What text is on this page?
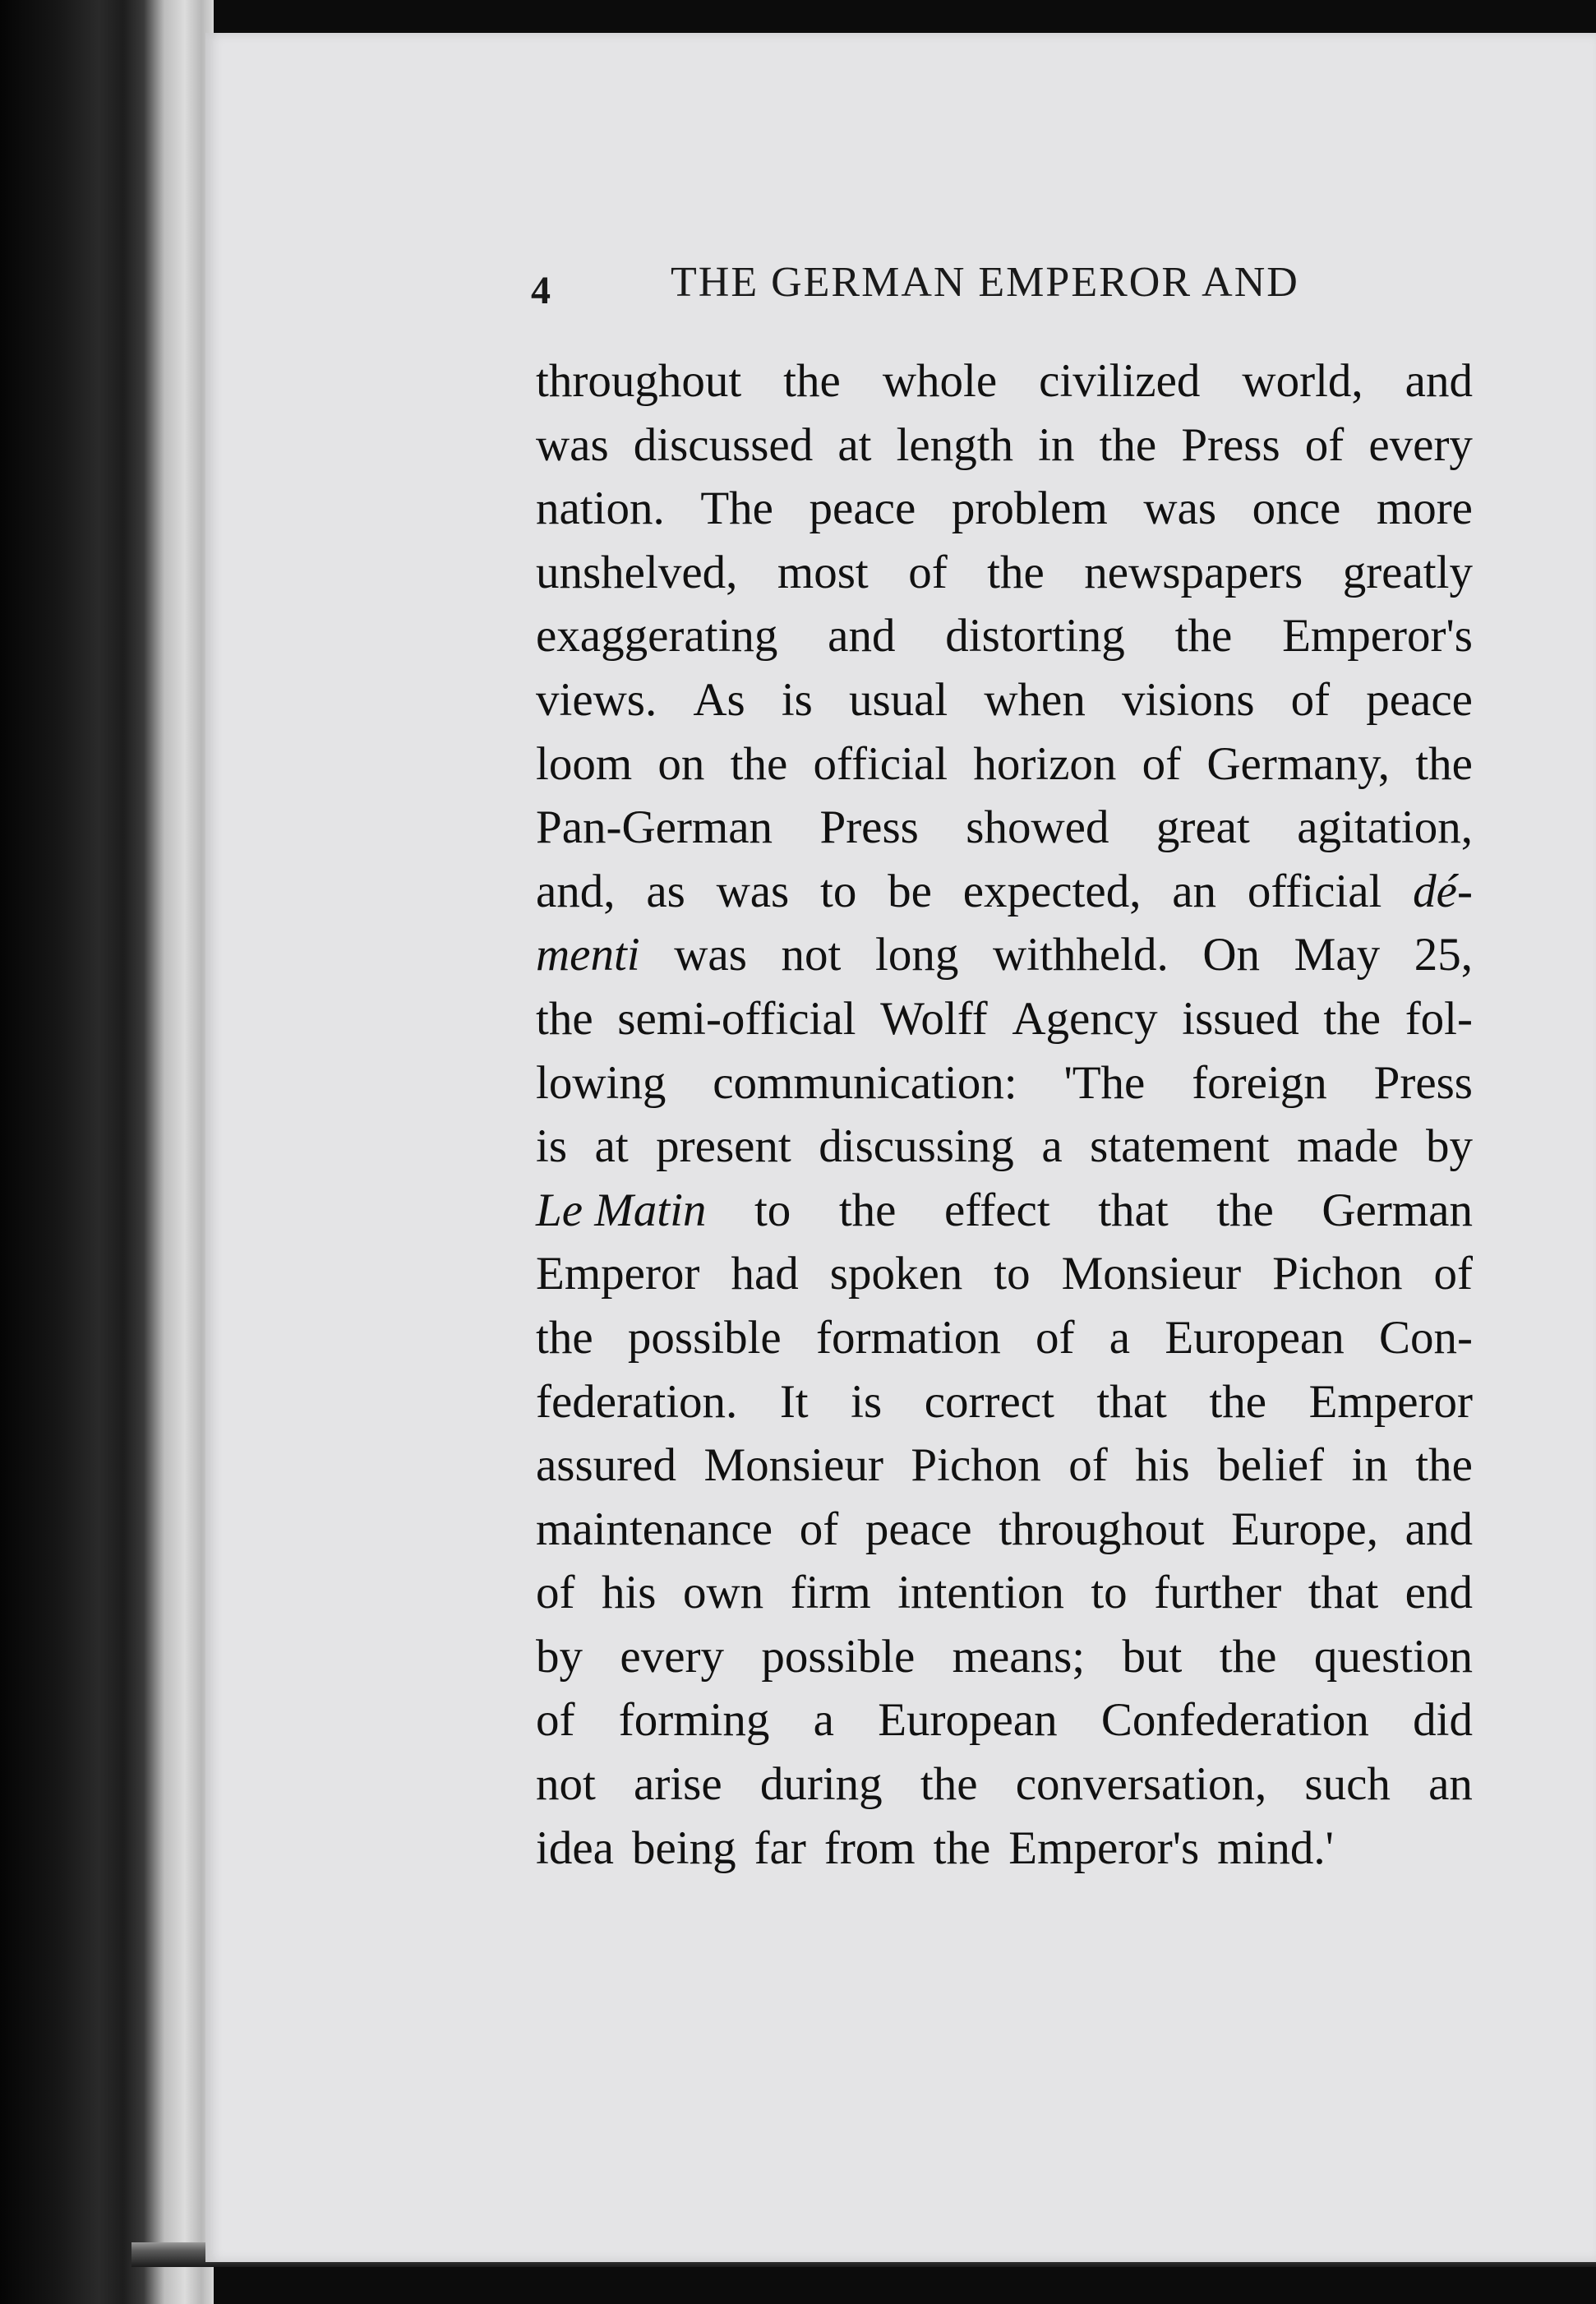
4	THE GERMAN EMPEROR AND
throughout the whole civilized world, and
was discussed at length in the Press of every
nation. The peace problem was once more
unshelved, most of the newspapers greatly
exaggerating and distorting the Emperor's
views. As is usual when visions of peace
loom on the official horizon of Germany, the
Pan-German Press showed great agitation,
and, as was to be expected, an official dé-
menti was not long withheld. On May 25,
the semi-official Wolff Agency issued the fol-
lowing communication: 'The foreign Press
is at present discussing a statement made by
Le Matin to the effect that the German
Emperor had spoken to Monsieur Pichon of
the possible formation of a European Con-
federation. It is correct that the Emperor
assured Monsieur Pichon of his belief in the
maintenance of peace throughout Europe, and
of his own firm intention to further that end
by every possible means; but the question
of forming a European Confederation did
not arise during the conversation, such an
idea being far from the Emperor's mind.'
